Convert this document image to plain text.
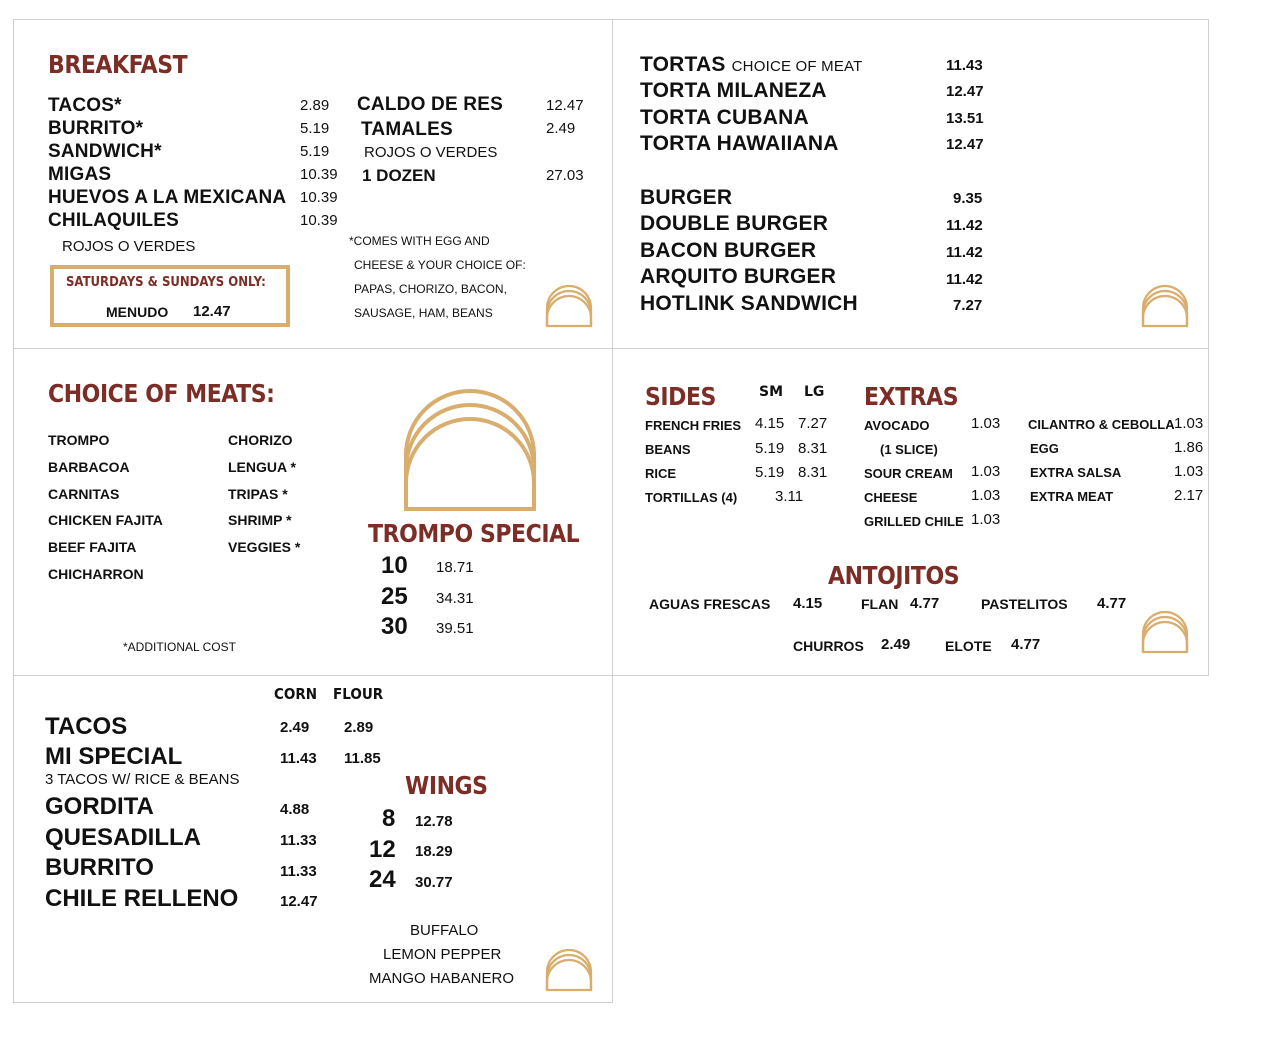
BREAKFAST
TACOS*	2.89
BURRITO*	5.19
SANDWICH*	5.19
MIGAS	10.39
HUEVOS A LA MEXICANA 10.39
CHILAQUILES	10.39
ROJOS O VERDES
SATURDAYS & SUNDAYS ONLY:
MENUDO 12.47
CALDO DE RES	12.47
TAMALES	2.49
ROJOS O VERDES
1 DOZEN	27.03
*COMES WITH EGG AND
CHEESE & YOUR CHOICE OF:
PAPAS, CHORIZO, BACON,
SAUSAGE, HAM, BEANS
TORTAS CHOICE OF MEAT	11.43
TORTA MILANEZA	12.47
TORTA CUBANA	13.51
TORTA HAWAIIANA	12.47
BURGER	9.35
DOUBLE BURGER	11.42
BACON BURGER	11.42
ARQUITO BURGER	11.42
HOTLINK SANDWICH	7.27
CHOICE OF MEATS:
TROMPO
BARBACOA
CARNITAS
CHICKEN FAJITA
BEEF FAJITA
CHICHARRON
CHORIZO
LENGUA *
TRIPAS *
SHRIMP *
VEGGIES *
*ADDITIONAL COST
TROMPO SPECIAL
10 18.71
25 34.31
30 39.51
SIDES	SM LG
FRENCH FRIES 4.15 7.27
BEANS	5.19 8.31
RICE	5.19 8.31
TORTILLAS (4)	3.11
EXTRAS
AVOCADO	1.03
(1 SLICE)
SOUR CREAM 1.03
CHEESE	1.03
GRILLED CHILE 1.03
CILANTRO & CEBOLLA 1.03
EGG	1.86
EXTRA SALSA	1.03
EXTRA MEAT	2.17
ANTOJITOS
AGUAS FRESCAS 4.15	FLAN 4.77	PASTELITOS 4.77
CHURROS 2.49 ELOTE 4.77
CORN FLOUR
TACOS	2.49 2.89
MI SPECIAL	11.43 11.85
3 TACOS W/ RICE & BEANS
GORDITA	4.88
QUESADILLA	11.33
BURRITO	11.33
CHILE RELLENO	12.47
WINGS
8 12.78
12 18.29
24 30.77
BUFFALO
LEMON PEPPER
MANGO HABANERO
